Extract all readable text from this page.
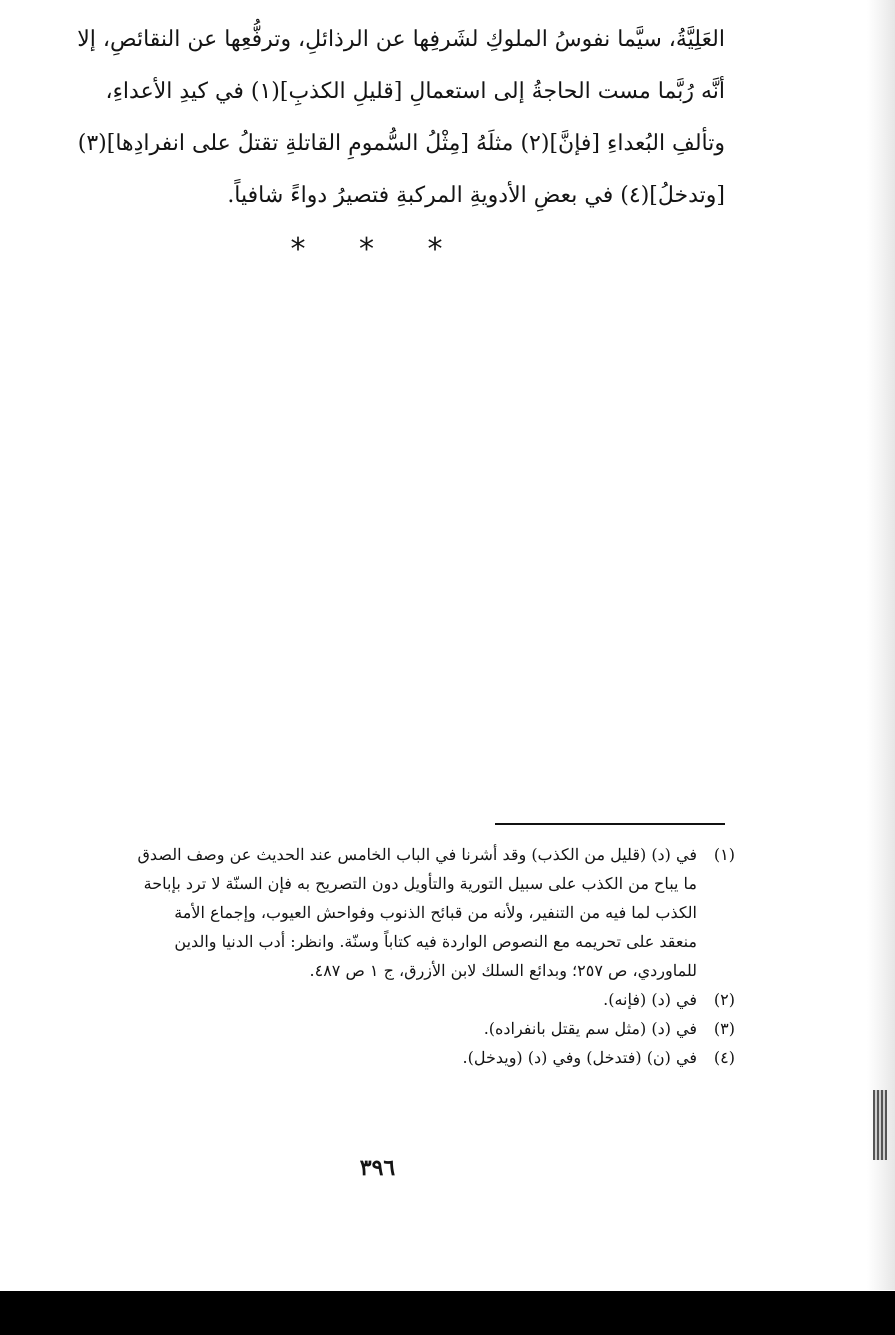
العَلِيَّةُ، سيَّما نفوسُ الملوكِ لشَرفِها عن الرذائلِ، وترفُّعِها عن النقائصِ، إلا
أنَّه رُبَّما مست الحاجةُ إلى استعمالِ [قليلِ الكذبِ](١) في كيدِ الأعداءِ،
وتألفِ البُعداءِ [فإنَّ](٢) مثلَهُ [مِثْلُ السُّمومِ القاتلةِ تقتلُ على انفرادِها](٣)
[وتدخلُ](٤) في بعضِ الأدويةِ المركبةِ فتصيرُ دواءً شافياً.
* * *
(١)في (د) (قليل من الكذب) وقد أشرنا في الباب الخامس عند الحديث عن وصف الصدق
ما يباح من الكذب على سبيل التورية والتأويل دون التصريح به فإن السنّة لا ترد بإباحة
الكذب لما فيه من التنفير، ولأنه من قبائح الذنوب وفواحش العيوب، وإجماع الأمة
منعقد على تحريمه مع النصوص الواردة فيه كتاباً وسنّة. وانظر: أدب الدنيا والدين
للماوردي، ص ٢٥٧؛ وبدائع السلك لابن الأزرق، ج ١ ص ٤٨٧.
(٢)في (د) (فإنه).
(٣)في (د) (مثل سم يقتل بانفراده).
(٤)في (ن) (فتدخل) وفي (د) (ويدخل).
٣٩٦
